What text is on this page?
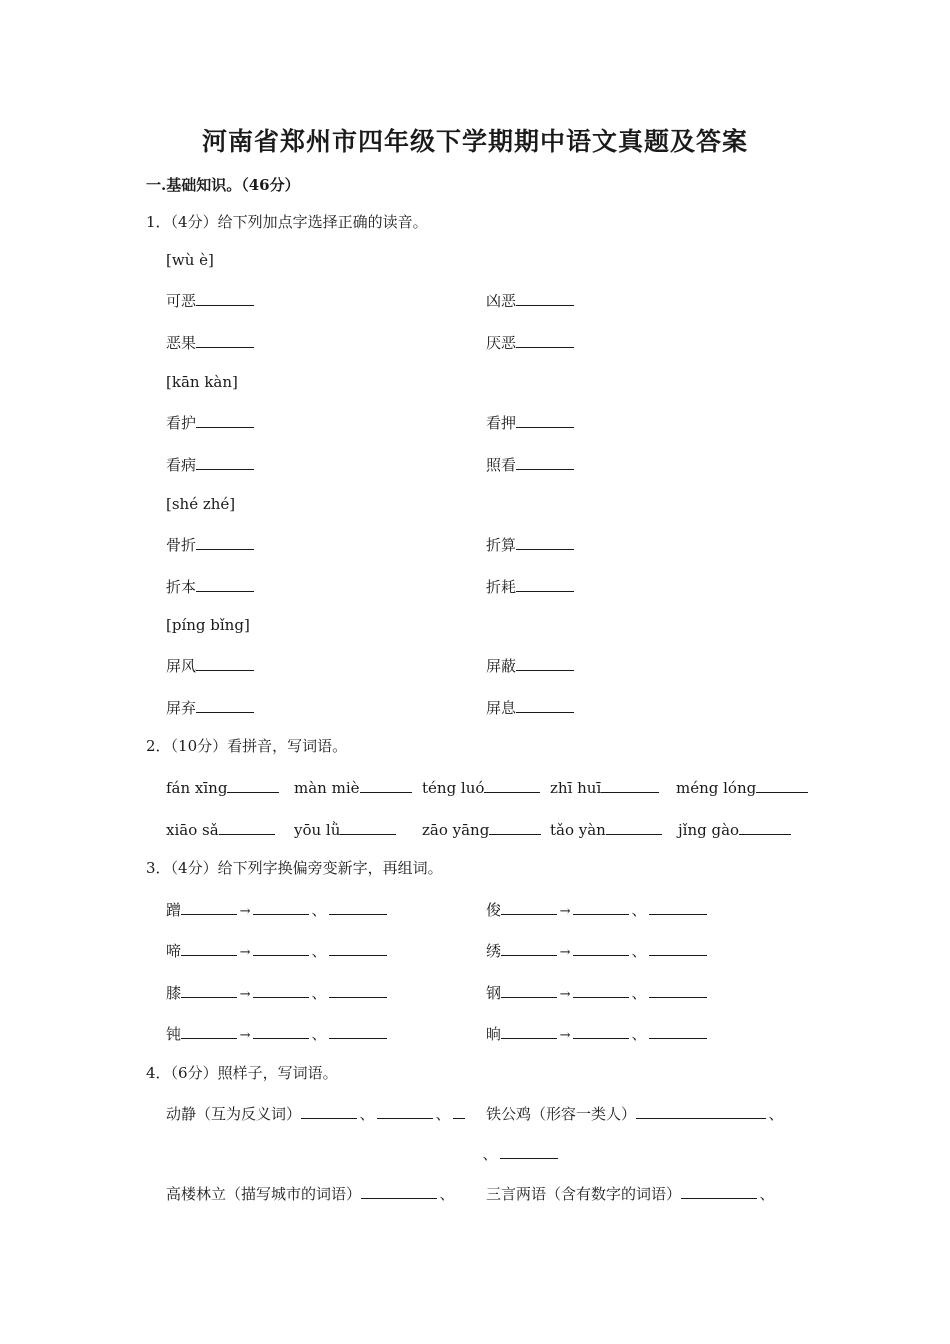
河南省郑州市四年级下学期期中语文真题及答案
一.基础知识。（46分）
1．（4分）给下列加点字选择正确的读音。
[wù è]
可恶	凶恶
恶果	厌恶
[kān kàn]
看护	看押
看病	照看
[shé zhé]
骨折	折算
折本	折耗
[píng bǐng]
屏风	屏蔽
屏弃	屏息
2．（10分）看拼音，写词语。
fán xīng	màn miè	téng luó	zhī huī	méng lóng
xiāo sǎ	yōu lǜ	zāo yāng	tǎo yàn	jǐng gào
3．（4分）给下列字换偏旁变新字，再组词。
蹭	→	、	俊	→	、
啼	→	、	绣	→	、
膝	→	、	钢	→	、
钝	→	、	晌	→	、
4．（6分）照样子，写词语。
动静（互为反义词）	、	、	铁公鸡（形容一类人）	、
、
高楼林立（描写城市的词语）	、 三言两语（含有数字的词语）	、
